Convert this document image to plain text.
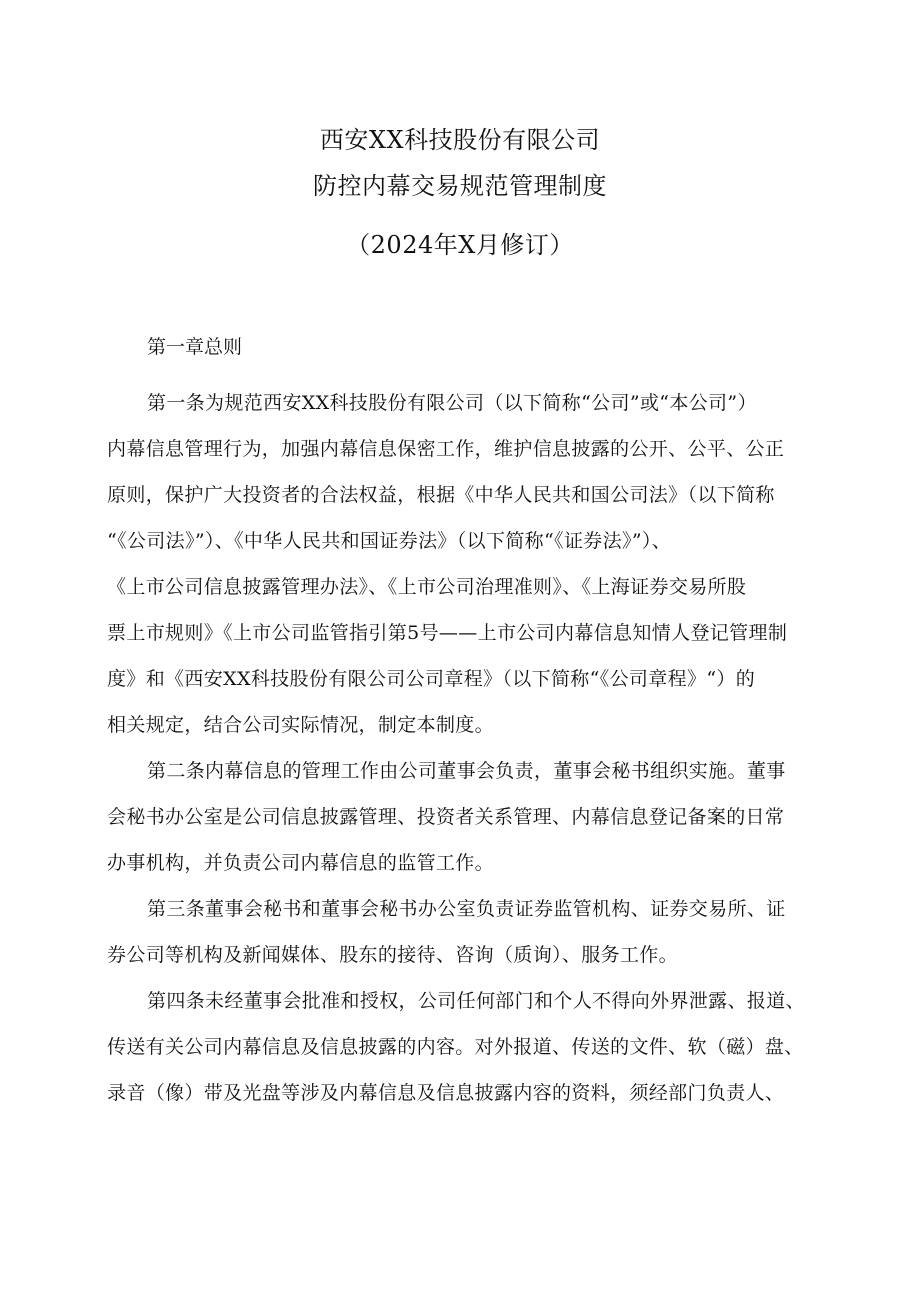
西安XX科技股份有限公司
防控内幕交易规范管理制度
（2024年X月修订）
第一章总则
第一条为规范西安XX科技股份有限公司（以下简称“公司”或“本公司”）
内幕信息管理行为，加强内幕信息保密工作，维护信息披露的公开、公平、公正
原则，保护广大投资者的合法权益，根据《中华人民共和国公司法》（以下简称
“《公司法》”）、《中华人民共和国证券法》（以下简称“《证券法》”）、
《上市公司信息披露管理办法》、《上市公司治理准则》、《上海证券交易所股
票上市规则》《上市公司监管指引第5号——上市公司内幕信息知情人登记管理制
度》和《西安XX科技股份有限公司公司章程》（以下简称“《公司章程》“）的
相关规定，结合公司实际情况，制定本制度。
第二条内幕信息的管理工作由公司董事会负责，董事会秘书组织实施。董事
会秘书办公室是公司信息披露管理、投资者关系管理、内幕信息登记备案的日常
办事机构，并负责公司内幕信息的监管工作。
第三条董事会秘书和董事会秘书办公室负责证券监管机构、证券交易所、证
券公司等机构及新闻媒体、股东的接待、咨询（质询）、服务工作。
第四条未经董事会批准和授权，公司任何部门和个人不得向外界泄露、报道、
传送有关公司内幕信息及信息披露的内容。对外报道、传送的文件、软（磁）盘、
录音（像）带及光盘等涉及内幕信息及信息披露内容的资料，须经部门负责人、
